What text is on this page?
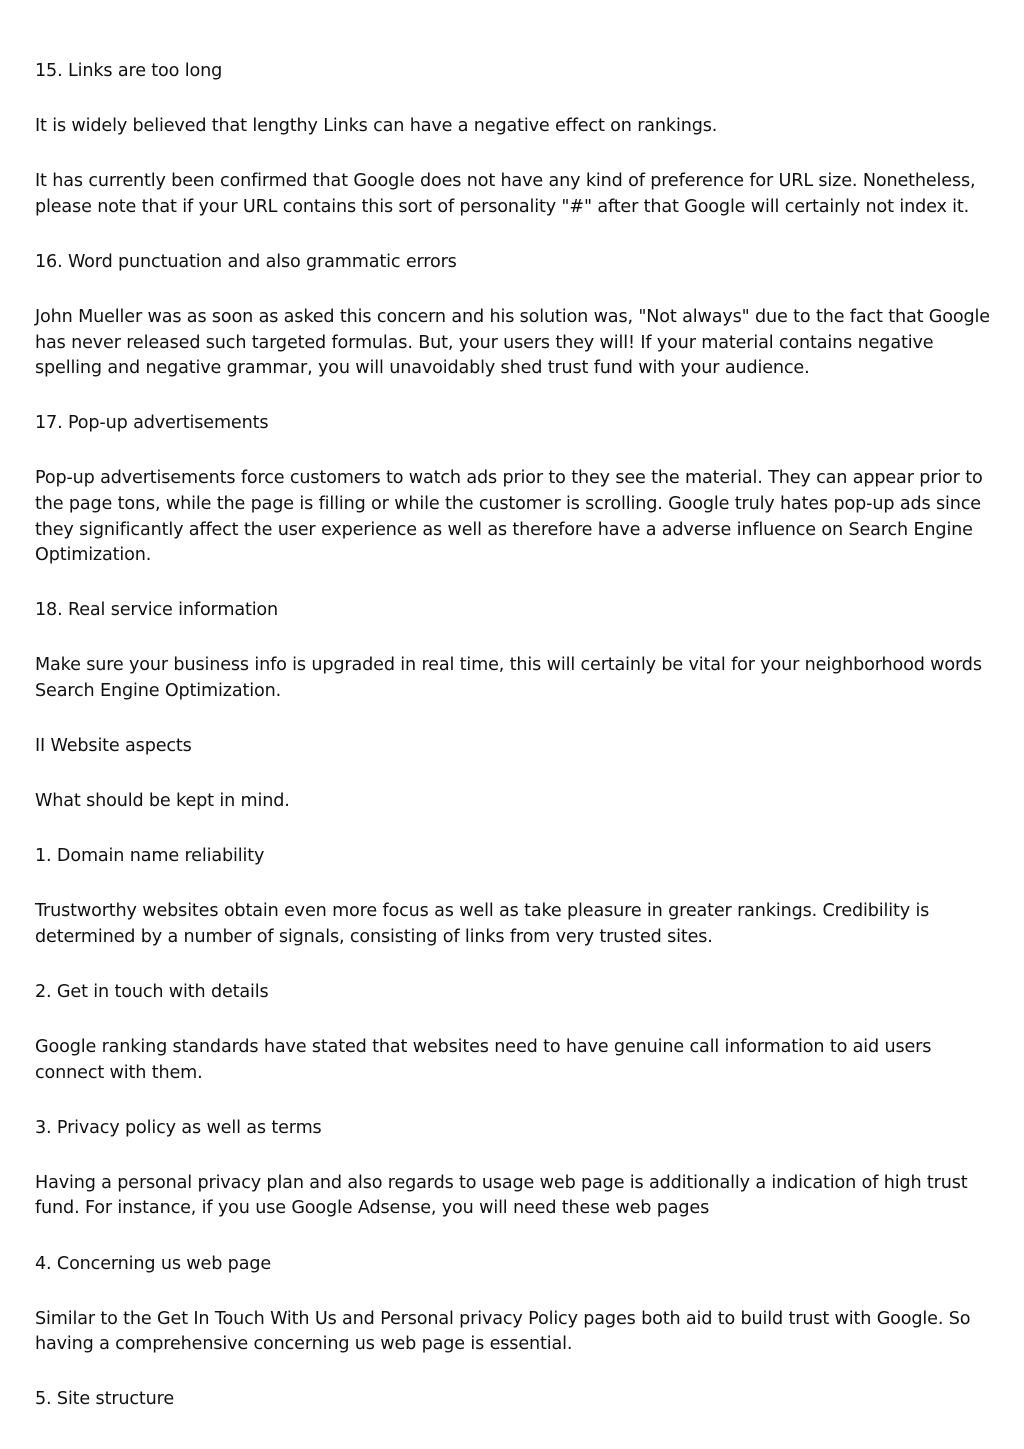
15. Links are too long

It is widely believed that lengthy Links can have a negative effect on rankings.

It has currently been confirmed that Google does not have any kind of preference for URL size. Nonetheless, please note that if your URL contains this sort of personality "#" after that Google will certainly not index it.

16. Word punctuation and also grammatic errors

John Mueller was as soon as asked this concern and his solution was, "Not always" due to the fact that Google has never released such targeted formulas. But, your users they will! If your material contains negative spelling and negative grammar, you will unavoidably shed trust fund with your audience.

17. Pop-up advertisements

Pop-up advertisements force customers to watch ads prior to they see the material. They can appear prior to the page tons, while the page is filling or while the customer is scrolling. Google truly hates pop-up ads since they significantly affect the user experience as well as therefore have a adverse influence on Search Engine Optimization.

18. Real service information

Make sure your business info is upgraded in real time, this will certainly be vital for your neighborhood words Search Engine Optimization.

II Website aspects

What should be kept in mind.

1. Domain name reliability

Trustworthy websites obtain even more focus as well as take pleasure in greater rankings. Credibility is determined by a number of signals, consisting of links from very trusted sites.

2. Get in touch with details

Google ranking standards have stated that websites need to have genuine call information to aid users connect with them.

3. Privacy policy as well as terms

Having a personal privacy plan and also regards to usage web page is additionally a indication of high trust fund. For instance, if you use Google Adsense, you will need these web pages

4. Concerning us web page

Similar to the Get In Touch With Us and Personal privacy Policy pages both aid to build trust with Google. So having a comprehensive concerning us web page is essential.

5. Site structure
